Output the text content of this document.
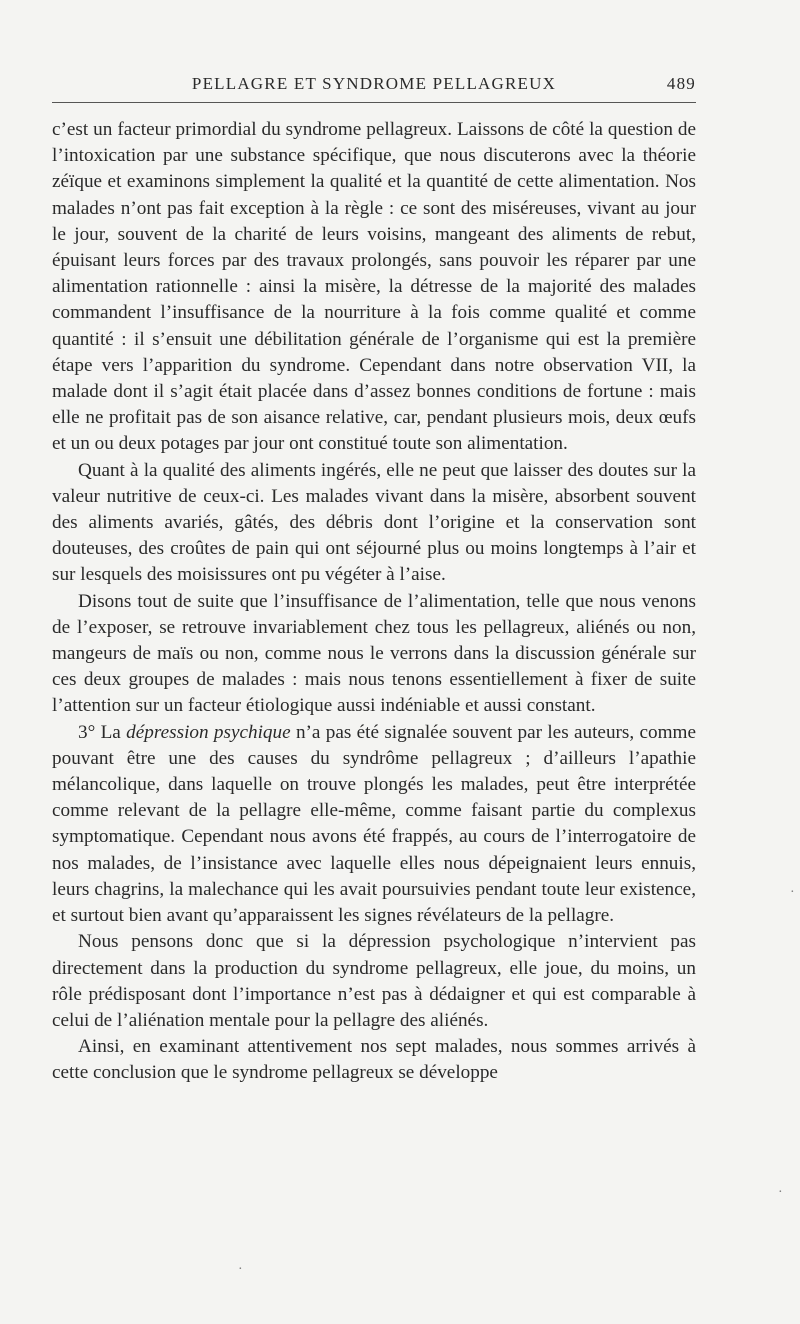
PELLAGRE ET SYNDROME PELLAGREUX	489

c’est un facteur primordial du syndrome pellagreux. Laissons de côté la question de l’intoxication par une substance spécifique, que nous discuterons avec la théorie zéïque et examinons simplement la qualité et la quantité de cette alimentation. Nos malades n’ont pas fait exception à la règle : ce sont des miséreuses, vivant au jour le jour, souvent de la charité de leurs voisins, mangeant des aliments de rebut, épuisant leurs forces par des travaux prolongés, sans pouvoir les réparer par une alimentation rationnelle : ainsi la misère, la détresse de la majorité des malades commandent l’insuffisance de la nourriture à la fois comme qualité et comme quantité : il s’ensuit une débilitation générale de l’organisme qui est la première étape vers l’apparition du syndrome. Cependant dans notre observation VII, la malade dont il s’agit était placée dans d’assez bonnes conditions de fortune : mais elle ne profitait pas de son aisance relative, car, pendant plusieurs mois, deux œufs et un ou deux potages par jour ont constitué toute son alimentation.

Quant à la qualité des aliments ingérés, elle ne peut que laisser des doutes sur la valeur nutritive de ceux-ci. Les malades vivant dans la misère, absorbent souvent des aliments avariés, gâtés, des débris dont l’origine et la conservation sont douteuses, des croûtes de pain qui ont séjourné plus ou moins longtemps à l’air et sur lesquels des moisissures ont pu végéter à l’aise.

Disons tout de suite que l’insuffisance de l’alimentation, telle que nous venons de l’exposer, se retrouve invariablement chez tous les pellagreux, aliénés ou non, mangeurs de maïs ou non, comme nous le verrons dans la discussion générale sur ces deux groupes de malades : mais nous tenons essentiellement à fixer de suite l’attention sur un facteur étiologique aussi indéniable et aussi constant.

3° La dépression psychique n’a pas été signalée souvent par les auteurs, comme pouvant être une des causes du syndrôme pellagreux ; d’ailleurs l’apathie mélancolique, dans laquelle on trouve plongés les malades, peut être interprétée comme relevant de la pellagre elle-même, comme faisant partie du complexus symptomatique. Cependant nous avons été frappés, au cours de l’interrogatoire de nos malades, de l’insistance avec laquelle elles nous dépeignaient leurs ennuis, leurs chagrins, la malechance qui les avait poursuivies pendant toute leur existence, et surtout bien avant qu’apparaissent les signes révélateurs de la pellagre.

Nous pensons donc que si la dépression psychologique n’intervient pas directement dans la production du syndrome pellagreux, elle joue, du moins, un rôle prédisposant dont l’importance n’est pas à dédaigner et qui est comparable à celui de l’aliénation mentale pour la pellagre des aliénés.

Ainsi, en examinant attentivement nos sept malades, nous sommes arrivés à cette conclusion que le syndrome pellagreux se développe

·
·
·
